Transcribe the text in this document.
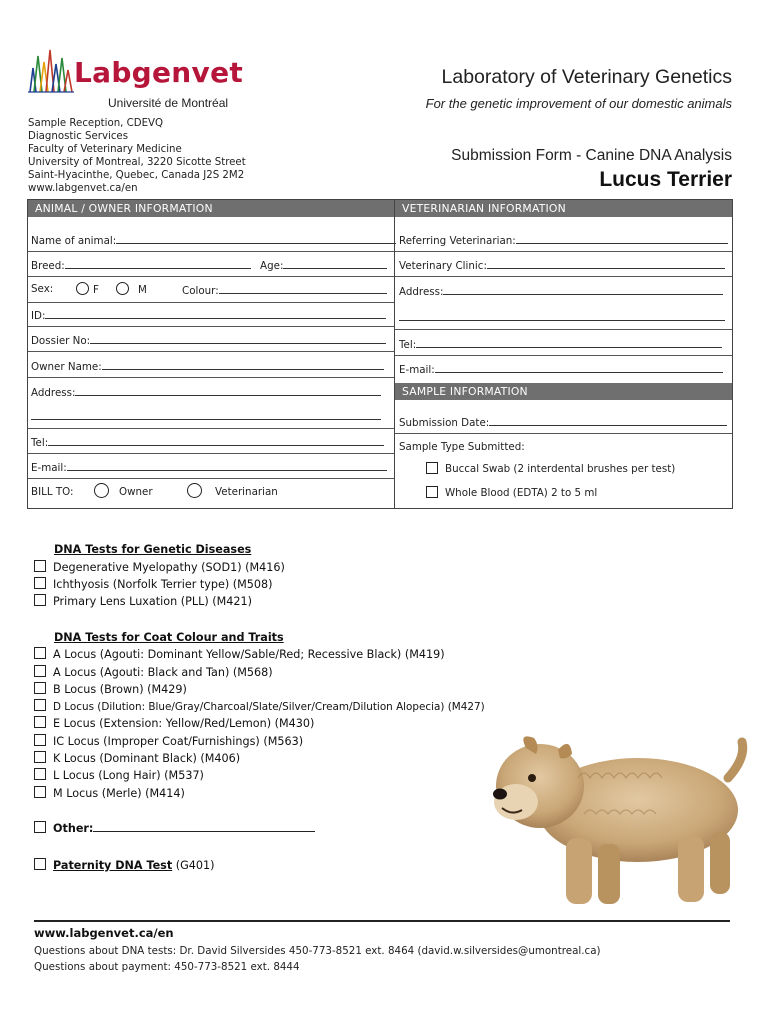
Labgenvet
Université de Montréal
Laboratory of Veterinary Genetics
For the genetic improvement of our domestic animals
Submission Form - Canine DNA Analysis
Lucus Terrier
Sample Reception, CDEVQ
Diagnostic Services
Faculty of Veterinary Medicine
University of Montreal, 3220 Sicotte Street
Saint-Hyacinthe, Quebec, Canada J2S 2M2
www.labgenvet.ca/en
ANIMAL / OWNER INFORMATION	VETERINARIAN INFORMATION
Name of animal:
Breed:	Age:
Sex:	F	M	Colour:
ID:
Dossier No:
Owner Name:
Address:
Tel:
E-mail:
BILL TO:	Owner	Veterinarian
Referring Veterinarian:
Veterinary Clinic:
Address:
Tel:
E-mail:
SAMPLE INFORMATION
Submission Date:
Sample Type Submitted:
Buccal Swab (2 interdental brushes per test)
Whole Blood (EDTA) 2 to 5 ml
DNA Tests for Genetic Diseases
Degenerative Myelopathy (SOD1) (M416)
Ichthyosis (Norfolk Terrier type) (M508)
Primary Lens Luxation (PLL) (M421)
DNA Tests for Coat Colour and Traits
A Locus (Agouti: Dominant Yellow/Sable/Red; Recessive Black) (M419)
A Locus (Agouti: Black and Tan) (M568)
B Locus (Brown) (M429)
D Locus (Dilution: Blue/Gray/Charcoal/Slate/Silver/Cream/Dilution Alopecia) (M427)
E Locus (Extension: Yellow/Red/Lemon) (M430)
IC Locus (Improper Coat/Furnishings) (M563)
K Locus (Dominant Black) (M406)
L Locus (Long Hair) (M537)
M Locus (Merle) (M414)
Other:
Paternity DNA Test (G401)
www.labgenvet.ca/en
Questions about DNA tests: Dr. David Silversides 450-773-8521 ext. 8464 (david.w.silversides@umontreal.ca)
Questions about payment: 450-773-8521 ext. 8444
